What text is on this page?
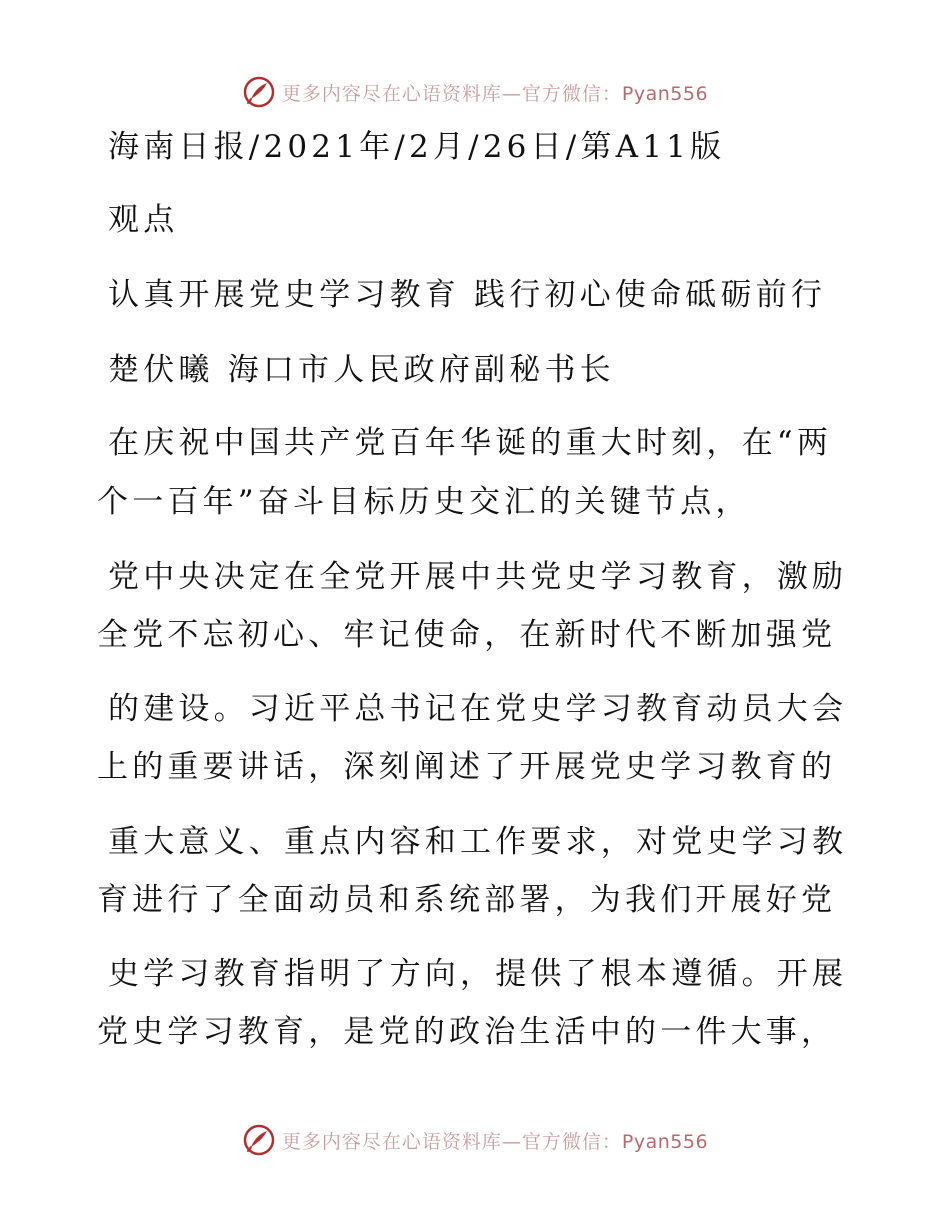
更多内容尽在心语资料库—官方微信：Pyan556
海南日报/2021年/2月/26日/第A11版
观点
认真开展党史学习教育 践行初心使命砥砺前行
楚伏曦 海口市人民政府副秘书长
在庆祝中国共产党百年华诞的重大时刻，在“两
个一百年”奋斗目标历史交汇的关键节点，
党中央决定在全党开展中共党史学习教育，激励
全党不忘初心、牢记使命，在新时代不断加强党
的建设。习近平总书记在党史学习教育动员大会
上的重要讲话，深刻阐述了开展党史学习教育的
重大意义、重点内容和工作要求，对党史学习教
育进行了全面动员和系统部署，为我们开展好党
史学习教育指明了方向，提供了根本遵循。开展
党史学习教育，是党的政治生活中的一件大事，
更多内容尽在心语资料库—官方微信：Pyan556
